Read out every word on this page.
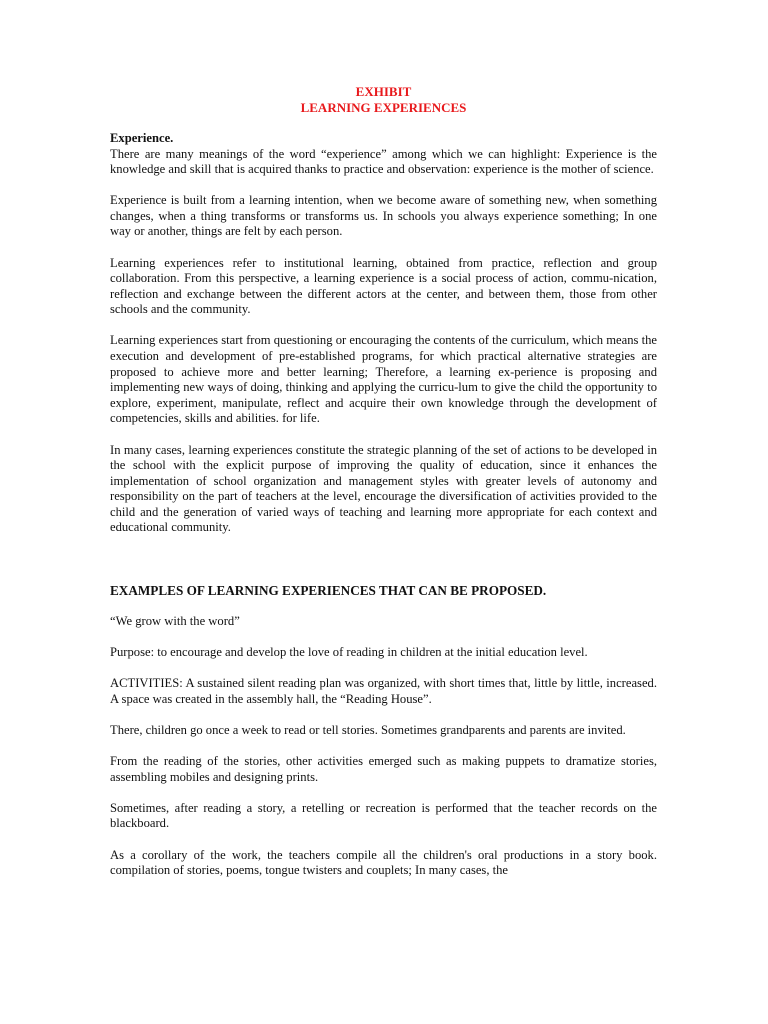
EXHIBIT
LEARNING EXPERIENCES

Experience.

There are many meanings of the word “experience” among which we can highlight: Experience is the knowledge and skill that is acquired thanks to practice and observation: experience is the mother of science.

Experience is built from a learning intention, when we become aware of something new, when something changes, when a thing transforms or transforms us. In schools you always experience something; In one way or another, things are felt by each person.

Learning experiences refer to institutional learning, obtained from practice, reflection and group collaboration. From this perspective, a learning experience is a social process of action, commu-nication, reflection and exchange between the different actors at the center, and between them, those from other schools and the community.

Learning experiences start from questioning or encouraging the contents of the curriculum, which means the execution and development of pre-established programs, for which practical alternative strategies are proposed to achieve more and better learning; Therefore, a learning ex-perience is proposing and implementing new ways of doing, thinking and applying the curricu-lum to give the child the opportunity to explore, experiment, manipulate, reflect and acquire their own knowledge through the development of competencies, skills and abilities. for life.

In many cases, learning experiences constitute the strategic planning of the set of actions to be developed in the school with the explicit purpose of improving the quality of education, since it enhances the implementation of school organization and management styles with greater levels of autonomy and responsibility on the part of teachers at the level, encourage the diversification of activities provided to the child and the generation of varied ways of teaching and learning more appropriate for each context and educational community.

EXAMPLES OF LEARNING EXPERIENCES THAT CAN BE PROPOSED.

“We grow with the word”

Purpose: to encourage and develop the love of reading in children at the initial education level.

ACTIVITIES: A sustained silent reading plan was organized, with short times that, little by little, increased. A space was created in the assembly hall, the “Reading House”.

There, children go once a week to read or tell stories. Sometimes grandparents and parents are invited.

From the reading of the stories, other activities emerged such as making puppets to dramatize stories, assembling mobiles and designing prints.

Sometimes, after reading a story, a retelling or recreation is performed that the teacher records on the blackboard.

As a corollary of the work, the teachers compile all the children's oral productions in a story book. compilation of stories, poems, tongue twisters and couplets; In many cases, the
